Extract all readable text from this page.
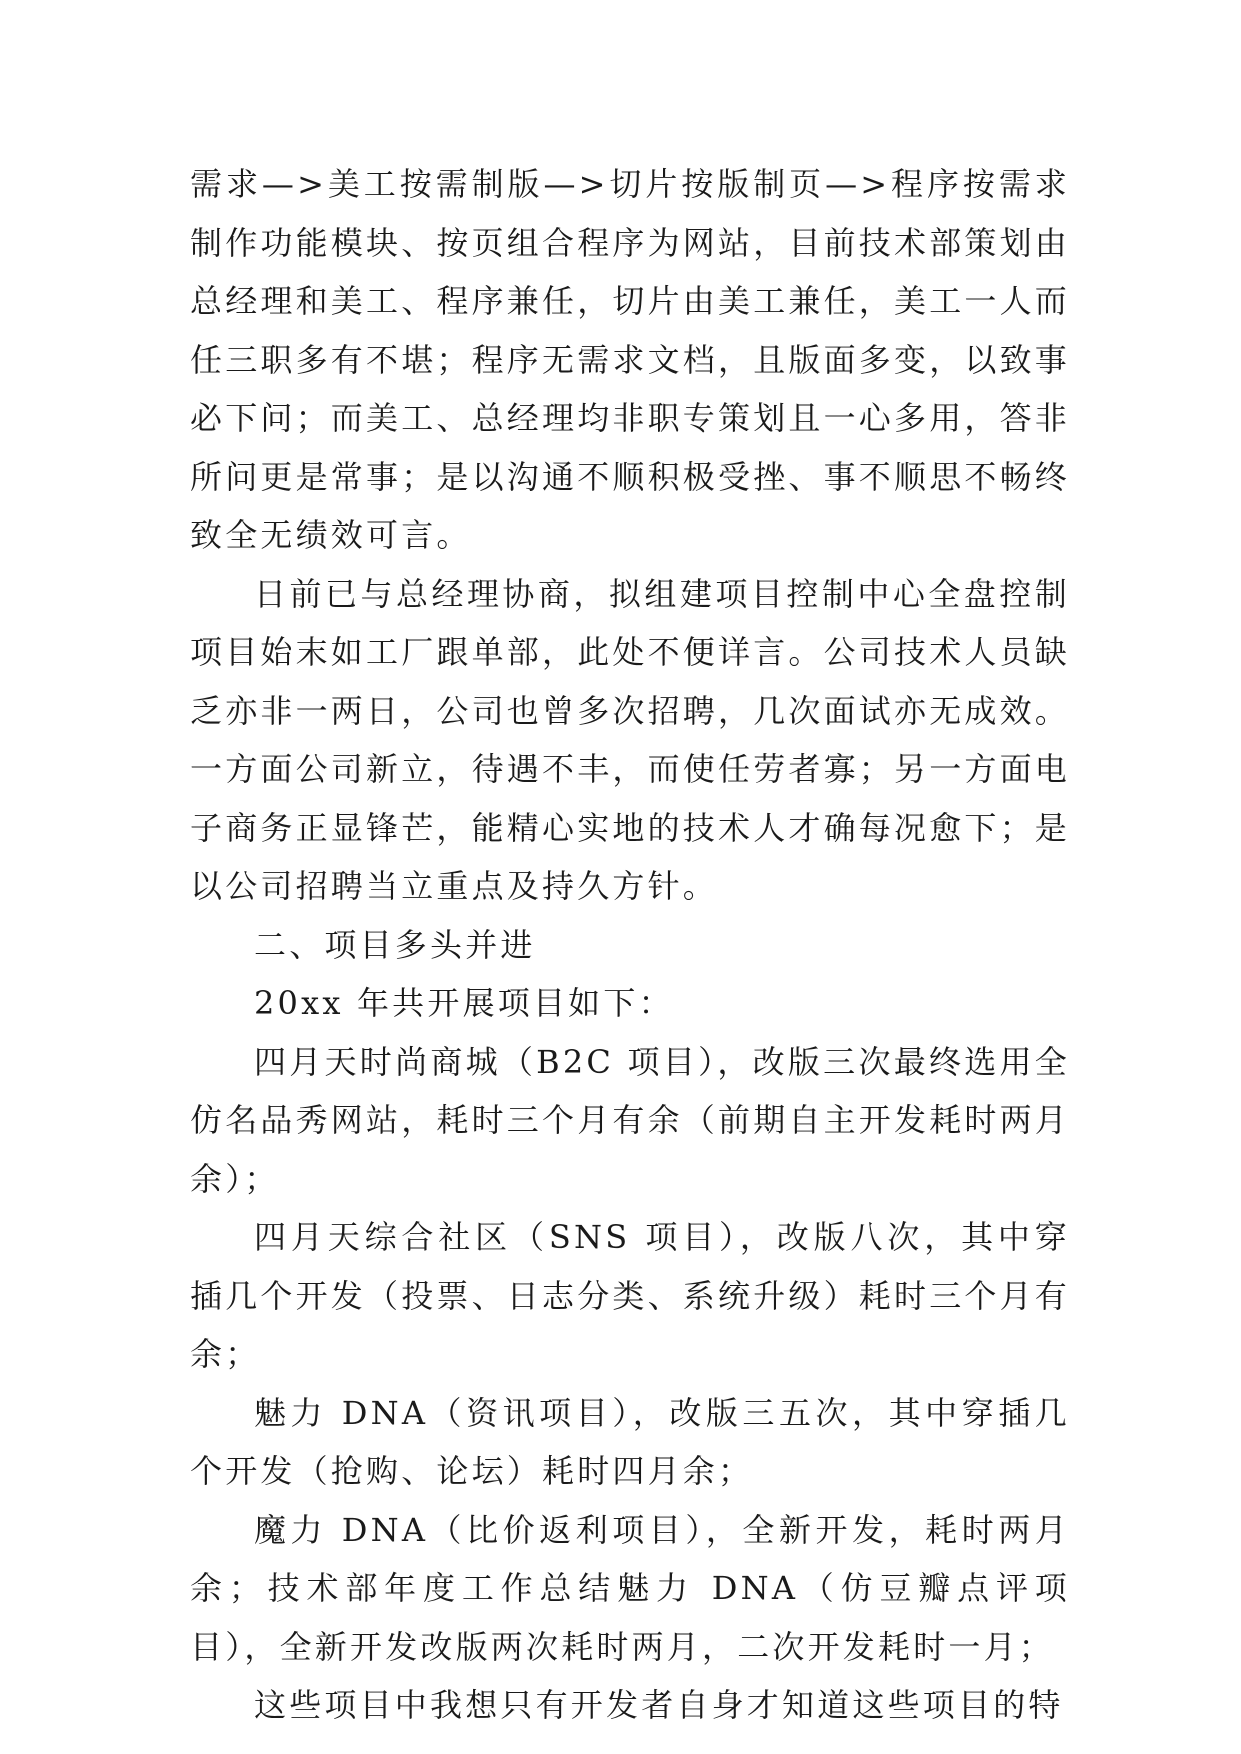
需求—>美工按需制版—>切片按版制页—>程序按需求制作功能模块、按页组合程序为网站，目前技术部策划由总经理和美工、程序兼任，切片由美工兼任，美工一人而任三职多有不堪；程序无需求文档，且版面多变，以致事必下问；而美工、总经理均非职专策划且一心多用，答非所问更是常事；是以沟通不顺积极受挫、事不顺思不畅终致全无绩效可言。

日前已与总经理协商，拟组建项目控制中心全盘控制项目始末如工厂跟单部，此处不便详言。公司技术人员缺乏亦非一两日，公司也曾多次招聘，几次面试亦无成效。一方面公司新立，待遇不丰，而使任劳者寡；另一方面电子商务正显锋芒，能精心实地的技术人才确每况愈下；是以公司招聘当立重点及持久方针。

二、项目多头并进

20xx 年共开展项目如下：

四月天时尚商城（B2C 项目），改版三次最终选用全仿名品秀网站，耗时三个月有余（前期自主开发耗时两月余）；

四月天综合社区（SNS 项目），改版八次，其中穿插几个开发（投票、日志分类、系统升级）耗时三个月有余；

魅力 DNA（资讯项目），改版三五次，其中穿插几个开发（抢购、论坛）耗时四月余；

魔力 DNA（比价返利项目），全新开发，耗时两月余；技术部年度工作总结魅力 DNA（仿豆瓣点评项目），全新开发改版两次耗时两月，二次开发耗时一月；

这些项目中我想只有开发者自身才知道这些项目的特
